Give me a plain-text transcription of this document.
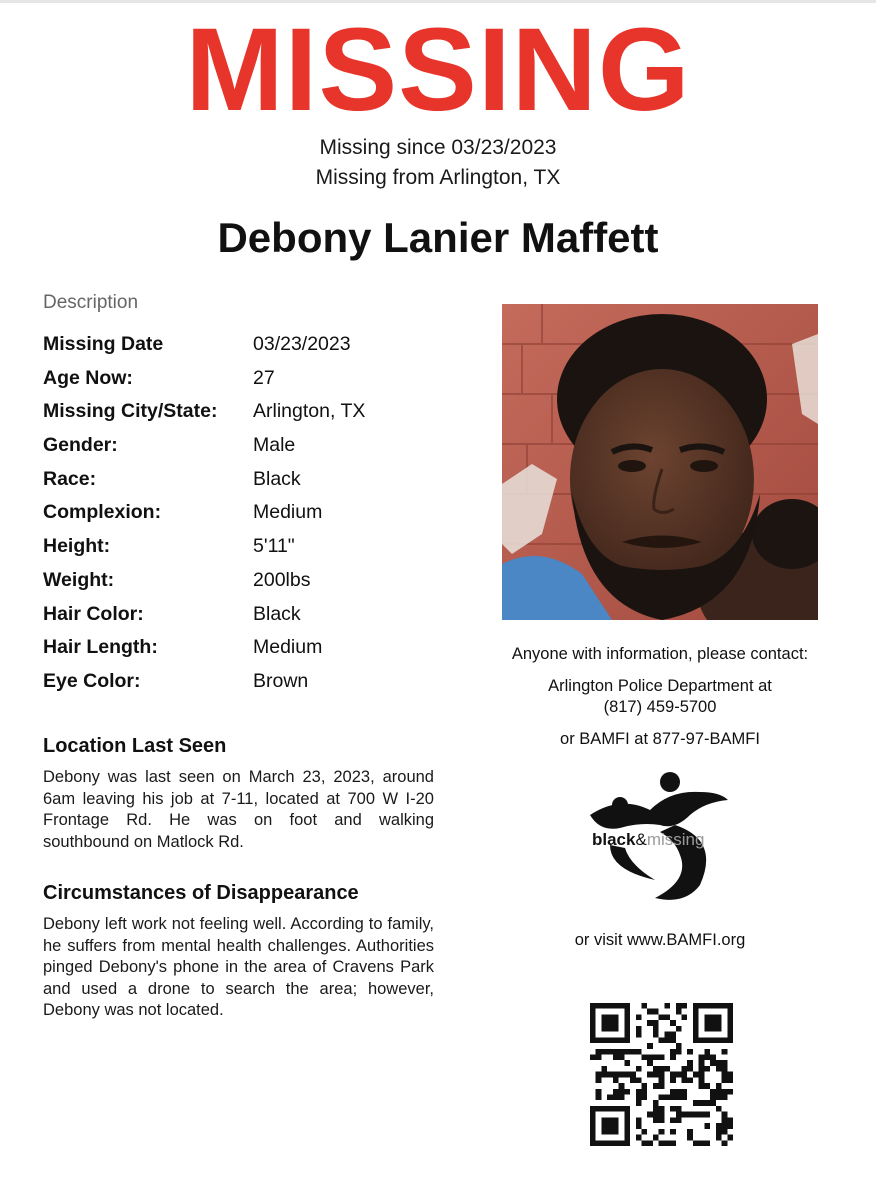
MISSING
Missing since 03/23/2023
Missing from Arlington, TX
Debony Lanier Maffett
Description
Missing Date	03/23/2023
Age Now:	27
Missing City/State: Arlington, TX
Gender:	Male
Race:	Black
Complexion:	Medium
Height:	5'11"
Weight:	200lbs
Hair Color:	Black
Hair Length:	Medium
Eye Color:	Brown
Location Last Seen
Debony was last seen on March 23, 2023, around 6am leaving his job at 7-11, located at 700 W I-20 Frontage Rd. He was on foot and walking southbound on Matlock Rd.
Circumstances of Disappearance
Debony left work not feeling well. According to family, he suffers from mental health challenges. Authorities pinged Debony's phone in the area of Cravens Park and used a drone to search the area; however, Debony was not located.
Anyone with information, please contact:
Arlington Police Department at
(817) 459-5700
or BAMFI at 877-97-BAMFI
black&missing
or visit www.BAMFI.org
